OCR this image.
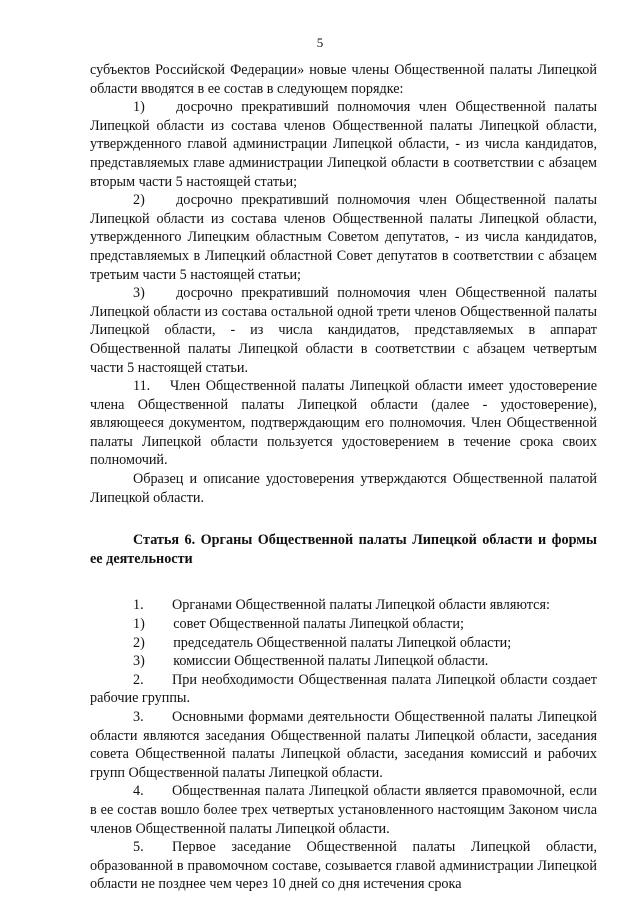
5

субъектов Российской Федерации» новые члены Общественной палаты Липецкой области вводятся в ее состав в следующем порядке:

1)  досрочно прекративший полномочия член Общественной палаты Липецкой области из состава членов Общественной палаты Липецкой области, утвержденного главой администрации Липецкой области, - из числа кандидатов, представляемых главе администрации Липецкой области в соответствии с абзацем вторым части 5 настоящей статьи;

2)  досрочно прекративший полномочия член Общественной палаты Липецкой области из состава членов Общественной палаты Липецкой области, утвержденного Липецким областным Советом депутатов, - из числа кандидатов, представляемых в Липецкий областной Совет депутатов в соответствии с абзацем третьим части 5 настоящей статьи;

3)  досрочно прекративший полномочия член Общественной палаты Липецкой области из состава остальной одной трети членов Общественной палаты Липецкой области, - из числа кандидатов, представляемых в аппарат Общественной палаты Липецкой области в соответствии с абзацем четвертым части 5 настоящей статьи.

11.  Член Общественной палаты Липецкой области имеет удостоверение члена Общественной палаты Липецкой области (далее - удостоверение), являющееся документом, подтверждающим его полномочия. Член Общественной палаты Липецкой области пользуется удостоверением в течение срока своих полномочий.

Образец и описание удостоверения утверждаются Общественной палатой Липецкой области.

Статья 6. Органы Общественной палаты Липецкой области и формы ее деятельности

1.   Органами Общественной палаты Липецкой области являются:

1)   совет Общественной палаты Липецкой области;

2)   председатель Общественной палаты Липецкой области;

3)   комиссии Общественной палаты Липецкой области.

2.   При необходимости Общественная палата Липецкой области создает рабочие группы.

3.   Основными формами деятельности Общественной палаты Липецкой области являются заседания Общественной палаты Липецкой области, заседания совета Общественной палаты Липецкой области, заседания комиссий и рабочих групп Общественной палаты Липецкой области.

4.   Общественная палата Липецкой области является правомочной, если в ее состав вошло более трех четвертых установленного настоящим Законом числа членов Общественной палаты Липецкой области.

5.   Первое заседание Общественной палаты Липецкой области, образованной в правомочном составе, созывается главой администрации Липецкой области не позднее чем через 10 дней со дня истечения срока
